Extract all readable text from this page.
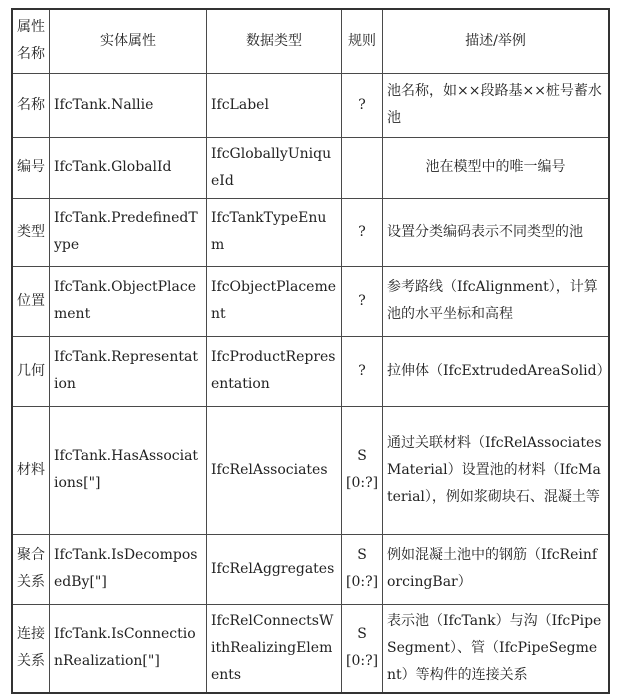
属性名称	实体属性	数据类型	规则	描述/举例
名称	IfcTank.Nallie	IfcLabel	?	池名称，如××段路基××桩号蓄水池
编号	IfcTank.GlobalId	IfcGloballyUniqueId		池在模型中的唯一编号
类型	IfcTank.PredefinedType	IfcTankTypeEnum	?	设置分类编码表示不同类型的池
位置	IfcTank.ObjectPlacement	IfcObjectPlacement	?	参考路线（IfcAlignment），计算池的水平坐标和高程
几何	IfcTank.Representation	IfcProductRepresentation	?	拉伸体（IfcExtrudedAreaSolid）
材料	IfcTank.HasAssociations["]	IfcRelAssociates	S[0:?]	通过关联材料（IfcRelAssociatesMaterial）设置池的材料（IfcMaterial），例如浆砌块石、混凝土等
聚合关系	IfcTank.IsDecomposedBy["]	IfcRelAggregates	S[0:?]	例如混凝土池中的钢筋（IfcReinforcingBar）
连接关系	IfcTank.IsConnectionRealization["]	IfcRelConnectsWithRealizingElements	S[0:?]	表示池（IfcTank）与沟（IfcPipeSegment）、管（IfcPipeSegment）等构件的连接关系
